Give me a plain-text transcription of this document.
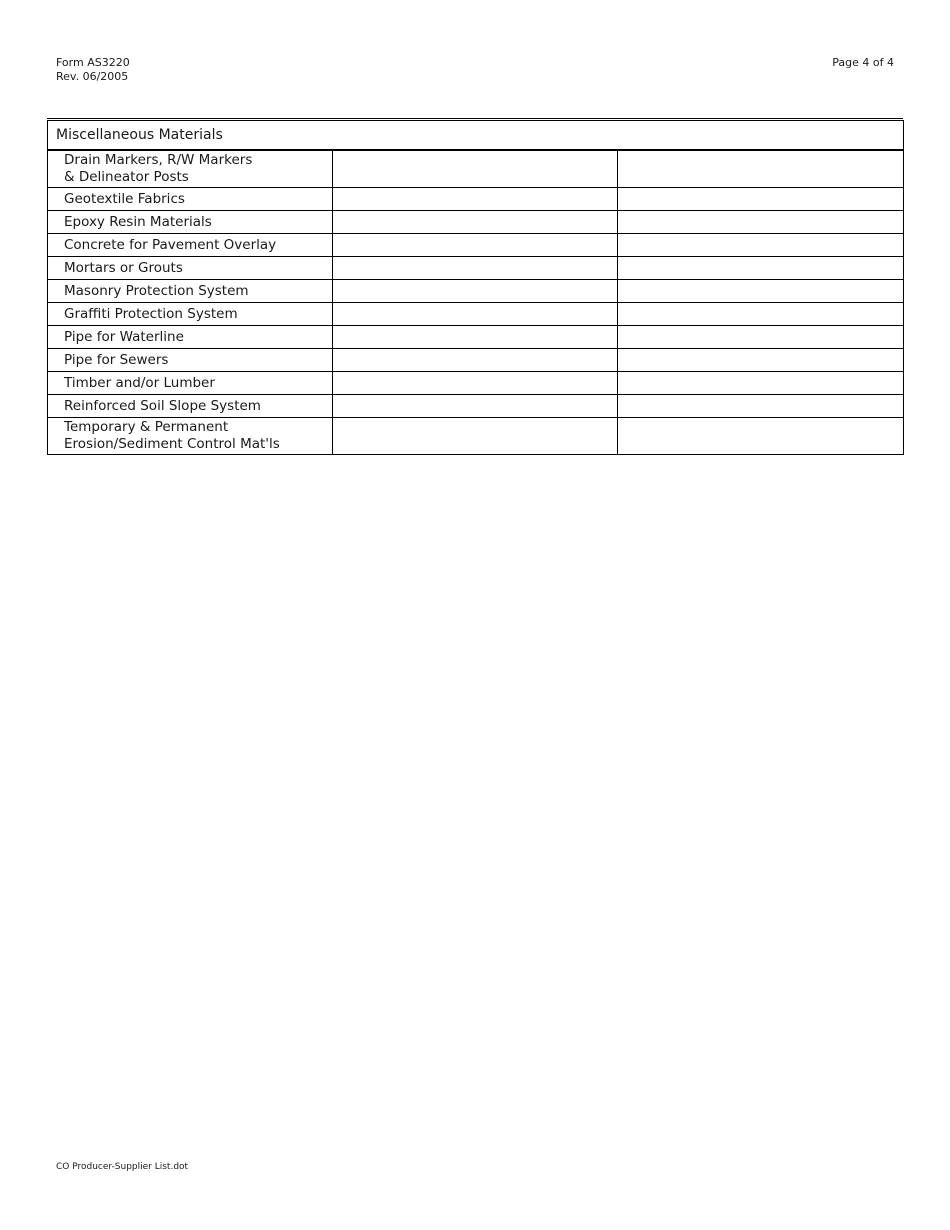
Form AS3220
Rev. 06/2005
Page 4 of 4
Miscellaneous Materials		

Drain Markers, R/W Markers
& Delineator Posts		

Geotextile Fabrics		
Epoxy Resin Materials		
Concrete for Pavement Overlay		
Mortars or Grouts		
Masonry Protection System		
Graffiti Protection System		
Pipe for Waterline		
Pipe for Sewers		
Timber and/or Lumber		
Reinforced Soil Slope System		

Temporary & Permanent
Erosion/Sediment Control Mat'ls		

CO Producer-Supplier List.dot
